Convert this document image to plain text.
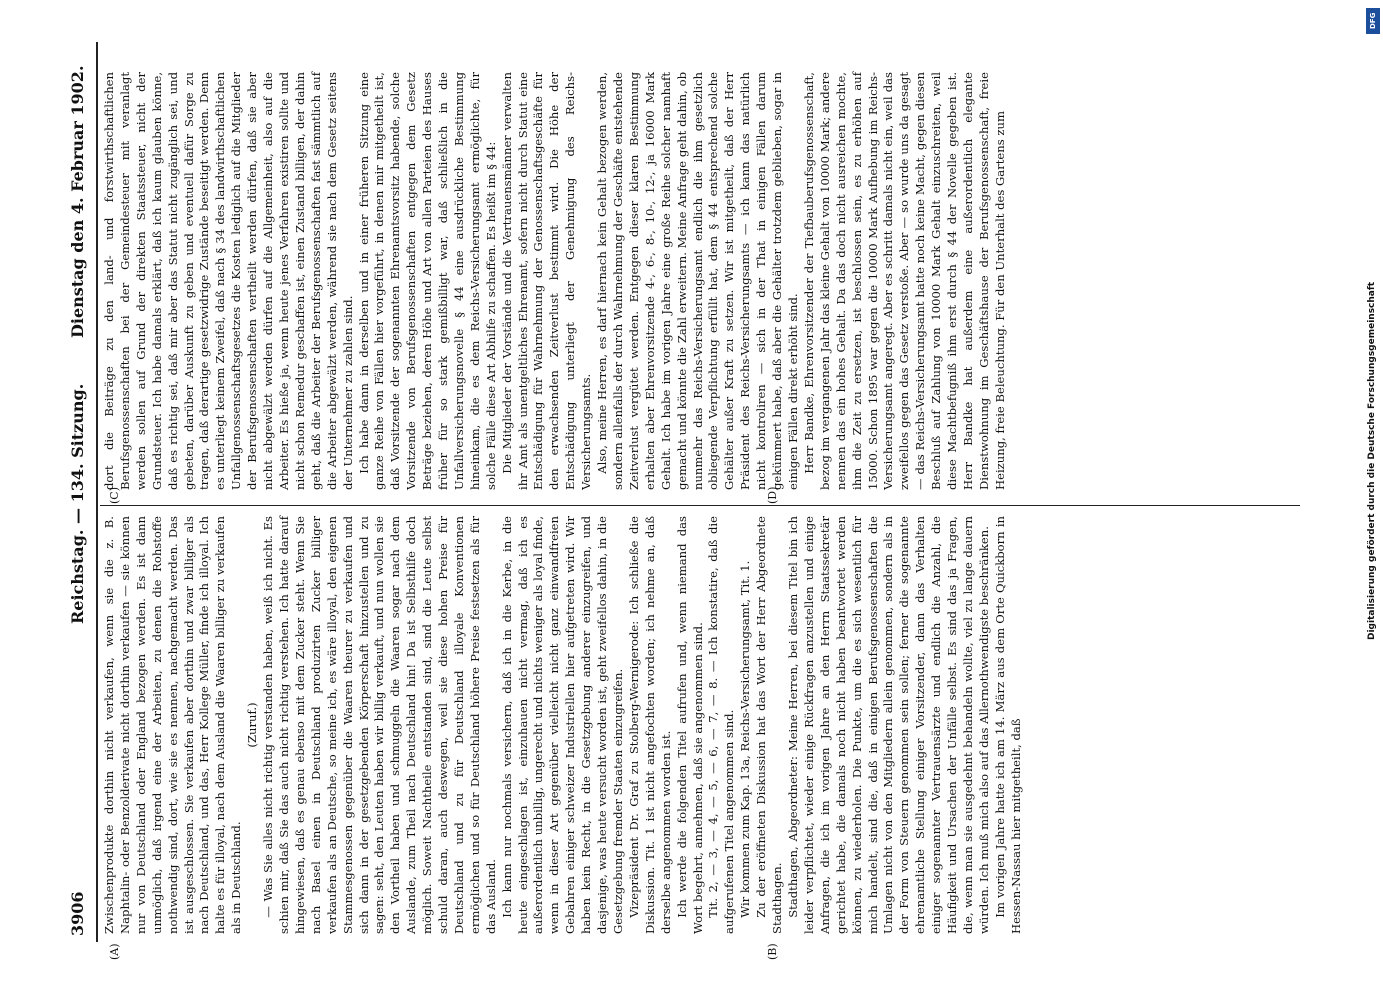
3906
Reichstag. — 134. Sitzung.
Dienstag den 4. Februar 1902.
(A)	(B)
(C)	(D)

Zwischenprodukte dorthin nicht verkaufen, wenn sie die z. B. Naphtalin- oder Benzolderivate nicht dorthin verkaufen — sie können nur von Deutschland oder England bezogen werden. Es ist dann unmöglich, daß irgend eine der Arbeiten, zu denen die Rohstoffe nothwendig sind, dort, wie sie es nennen, nachgemacht werden. Das ist ausgeschlossen. Sie verkaufen aber dorthin und zwar billiger als nach Deutschland, und das, Herr Kollege Müller, finde ich illoyal. Ich halte es für illoyal, nach dem Ausland die Waaren billiger zu verkaufen als in Deutschland.

(Zuruf.) — Was Sie alles nicht richtig verstanden haben, weiß ich nicht. Es schien mir, daß Sie das auch nicht richtig verstehen. Ich hatte darauf hingewiesen, daß es genau ebenso mit dem Zucker steht. Wenn Sie nach Basel einen in Deutschland produzirten Zucker billiger verkaufen als an Deutsche, so meine ich, es wäre illoyal, den eigenen Stammesgenossen gegenüber die Waaren theurer zu verkaufen und sich dann in der gesetzgebenden Körperschaft hinzustellen und zu sagen: seht, den Leuten haben wir billig verkauft, und nun wollen sie den Vortheil haben und schmuggeln die Waaren sogar nach dem Auslande, zum Theil nach Deutschland hin! Da ist Selbsthilfe doch möglich. Soweit Nachtheile entstanden sind, sind die Leute selbst schuld daran, auch deswegen, weil sie diese hohen Preise für Deutschland und zu für Deutschland illoyale Konventionen ermöglichen und so für Deutschland höhere Preise festsetzen als für das Ausland. Ich kann nur nochmals versichern, daß ich in die Kerbe, in die heute eingeschlagen ist, einzuhauen nicht vermag, daß ich es außerordentlich unbillig, ungerecht und nichts weniger als loyal finde, wenn in dieser Art gegenüber vielleicht nicht ganz einwandfreien Gebahren einiger schweizer Industriellen hier aufgetreten wird. Wir haben kein Recht, in die Gesetzgebung anderer einzugreifen, und dasjenige, was heute versucht worden ist, geht zweifellos dahin, in die Gesetzgebung fremder Staaten einzugreifen. Vizepräsident Dr. Graf zu Stolberg-Wernigerode: Ich schließe die Diskussion. Tit. 1 ist nicht angefochten worden; ich nehme an, daß derselbe angenommen worden ist. Ich werde die folgenden Titel aufrufen und, wenn niemand das Wort begehrt, annehmen, daß sie angenommen sind. Tit. 2, — 3, — 4, — 5, — 6, — 7, — 8. — Ich konstatire, daß die aufgerufenen Titel angenommen sind. Wir kommen zum Kap. 13a, Reichs-Versicherungsamt, Tit. 1. Zu der eröffneten Diskussion hat das Wort der Herr Abgeordnete Stadthagen. Stadthagen, Abgeordneter: Meine Herren, bei diesem Titel bin ich leider verpflichtet, wieder einige Rückfragen anzustellen und einige Anfragen, die ich im vorigen Jahre an den Herrn Staatssekretär gerichtet habe, die damals noch nicht haben beantwortet werden können, zu wiederholen. Die Punkte, um die es sich wesentlich für mich handelt, sind die, daß in einigen Berufsgenossenschaften die Umlagen nicht von den Mitgliedern allein genommen, sondern als in der Form von Steuern genommen sein sollen; ferner die sogenannte ehrenamtliche Stellung einiger Vorsitzender, dann das Verhalten einiger sogenannter Vertrauensärzte und endlich die Anzahl, die Häufigkeit und Ursachen der Unfälle selbst. Es sind das ja Fragen, die, wenn man sie ausgedehnt behandeln wollte, viel zu lange dauern würden. Ich muß mich also auf das Allernothwendigste beschränken. Im vorigen Jahre hatte ich am 14. März aus dem Orte Quickborn in Hessen-Nassau hier mitgetheilt, daß

dort die Beiträge zu den land- und forstwirthschaftlichen Berufsgenossenschaften bei der Gemeindesteuer mit veranlagt werden sollen auf Grund der direkten Staatssteuer, nicht der Grundsteuer. Ich habe damals erklärt, daß ich kaum glauben könne, daß es richtig sei, daß mir aber das Statut nicht zugänglich sei, und gebeten, darüber Auskunft zu geben und eventuell dafür Sorge zu tragen, daß derartige gesetzwidrige Zustände beseitigt werden. Denn es unterliegt keinem Zweifel, daß nach § 34 des landwirthschaftlichen Unfallgenossenschaftsgesetzes die Kosten lediglich auf die Mitglieder der Berufsgenossenschaften vertheilt werden dürfen, daß sie aber nicht abgewälzt werden dürfen auf die Allgemeinheit, also auf die Arbeiter. Es hieße ja, wenn heute jenes Verfahren existiren sollte und nicht schon Remedur geschaffen ist, einen Zustand billigen, der dahin geht, daß die Arbeiter der Berufsgenossenschaften fast sämmtlich auf die Arbeiter abgewälzt werden, während sie nach dem Gesetz seitens der Unternehmer zu zahlen sind. Ich habe dann in derselben und in einer früheren Sitzung eine ganze Reihe von Fällen hier vorgeführt, in denen mir mitgetheilt ist, daß Vorsitzende der sogenannten Ehrenamtsvorsitz habende, solche Vorsitzende von Berufsgenossenschaften entgegen dem Gesetz Beträge beziehen, deren Höhe und Art von allen Parteien des Hauses früher für so stark gemißbilligt war, daß schließlich in die Unfallversicherungsnovelle § 44 eine ausdrückliche Bestimmung hineinkam, die es dem Reichs-Versicherungsamt ermöglichte, für solche Fälle diese Art Abhilfe zu schaffen. Es heißt im § 44: Die Mitglieder der Vorstände und die Vertrauensmänner verwalten ihr Amt als unentgeltliches Ehrenamt, sofern nicht durch Statut eine Entschädigung für Wahrnehmung der Genossenschaftsgeschäfte für den erwachsenden Zeitverlust bestimmt wird. Die Höhe der Entschädigung unterliegt der Genehmigung des Reichs-Versicherungsamts. Also, meine Herren, es darf hiernach kein Gehalt bezogen werden, sondern allenfalls der durch Wahrnehmung der Geschäfte entstehende Zeitverlust vergütet werden. Entgegen dieser klaren Bestimmung erhalten aber Ehrenvorsitzende 4-, 6-, 8-, 10-, 12-, ja 16000 Mark Gehalt. Ich habe im vorigen Jahre eine große Reihe solcher namhaft gemacht und könnte die Zahl erweitern. Meine Anfrage geht dahin, ob nunmehr das Reichs-Versicherungsamt endlich die ihm gesetzlich obliegende Verpflichtung erfüllt hat, dem § 44 entsprechend solche Gehälter außer Kraft zu setzen. Wir ist mitgetheilt, daß der Herr Präsident des Reichs-Versicherungsamts — ich kann das natürlich nicht kontroliren — sich in der That in einigen Fällen darum gekümmert habe, daß aber die Gehälter trotzdem geblieben, sogar in einigen Fällen direkt erhöht sind. Herr Bandke, Ehrenvorsitzender der Tiefbauberufsgenossenschaft, bezog im vergangenen Jahr das kleine Gehalt von 10000 Mark; andere nennen das ein hohes Gehalt. Da das doch nicht ausreichen mochte, ihm die Zeit zu ersetzen, ist beschlossen sein, es zu erhöhen auf 15000. Schon 1895 war gegen die 10000 Mark Aufhebung im Reichs-Versicherungsamt angeregt. Aber es schritt damals nicht ein, weil das zweifellos gegen das Gesetz verstoße. Aber — so wurde uns da gesagt — das Reichs-Versicherungsamt hatte noch keine Macht, gegen diesen Beschluß auf Zahlung von 10000 Mark Gehalt einzuschreiten, weil diese Machtbefugniß ihm erst durch § 44 der Novelle gegeben ist. Herr Bandke hat außerdem eine außerordentlich elegante Dienstwohnung im Geschäftshause der Berufsgenossenschaft, freie Heizung, freie Beleuchtung. Für den Unterhalt des Gartens zum

DFG
Digitalisierung gefördert durch die Deutsche Forschungsgemeinschaft
